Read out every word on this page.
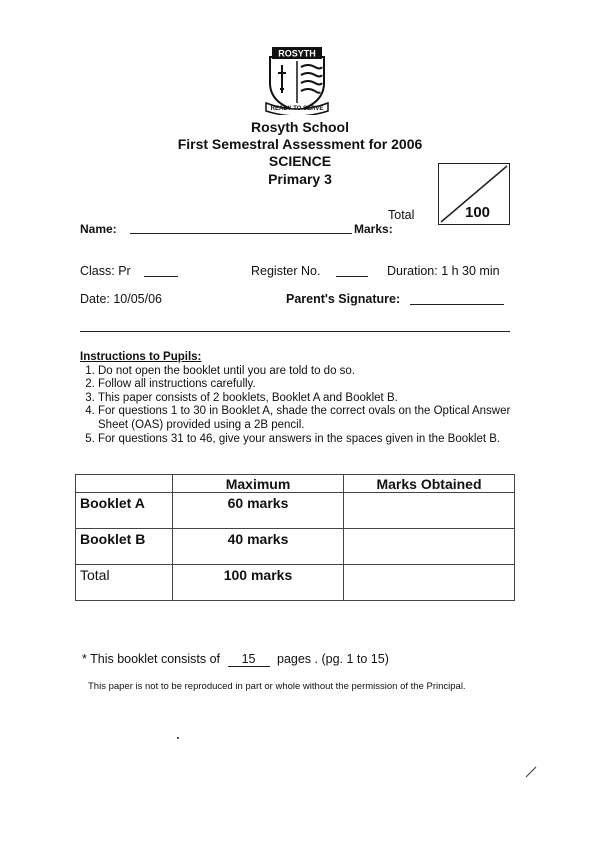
ROSYTH
READY TO SERVE
Rosyth School
First Semestral Assessment for 2006
SCIENCE
Primary 3
100
Total
Name:	Marks:
Class: Pr	Register No.	Duration: 1 h 30 min
Date: 10/05/06	Parent's Signature:
Instructions to Pupils:
1. Do not open the booklet until you are told to do so.
2. Follow all instructions carefully.
3. This paper consists of 2 booklets, Booklet A and Booklet B.
4. For questions 1 to 30 in Booklet A, shade the correct ovals on the Optical Answer Sheet (OAS) provided using a 2B pencil.
5. For questions 31 to 46, give your answers in the spaces given in the Booklet B.
	Maximum	Marks Obtained
Booklet A	60 marks	
Booklet B	40 marks	
Total	100 marks	
* This booklet consists of 15 pages . (pg. 1 to 15)
This paper is not to be reproduced in part or whole without the permission of the Principal.
